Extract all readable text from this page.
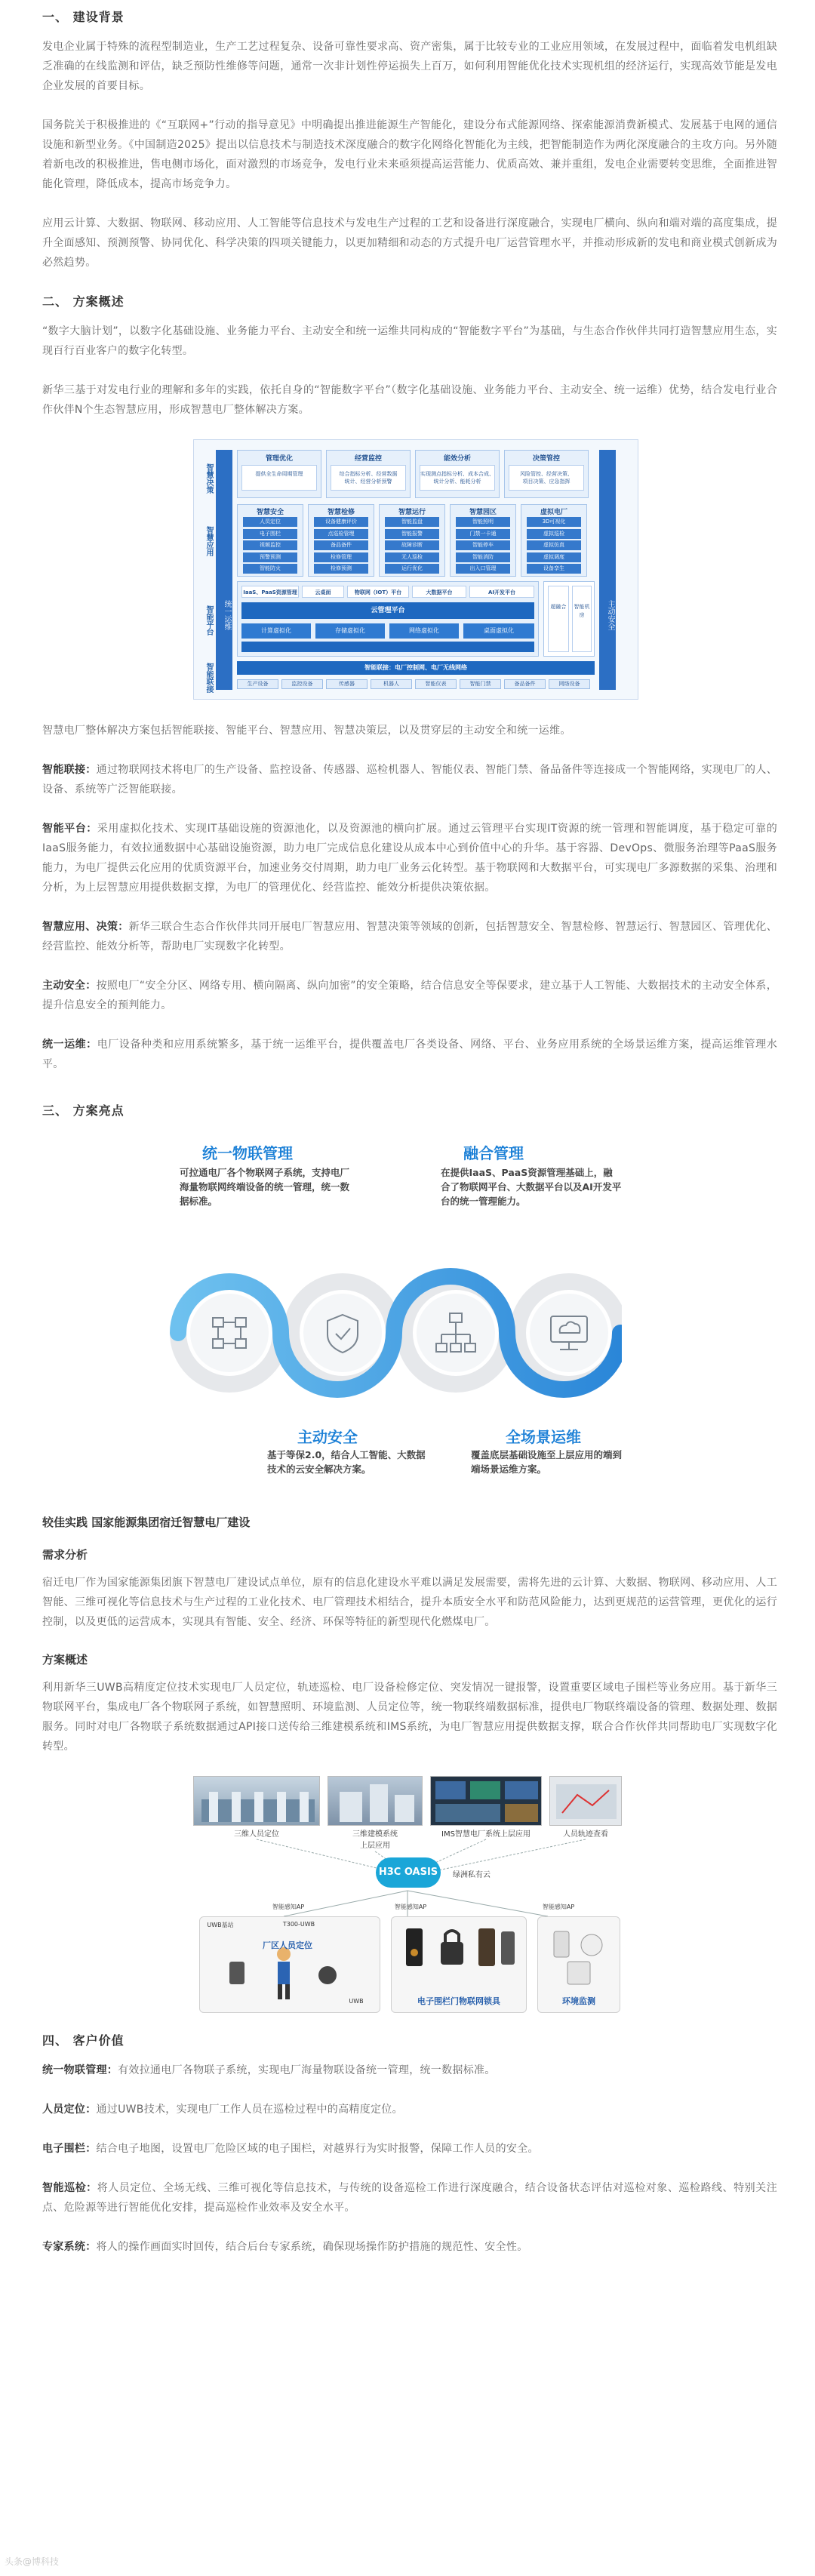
一、 建设背景

发电企业属于特殊的流程型制造业，生产工艺过程复杂、设备可靠性要求高、资产密集，属于比较专业的工业应用领域，在发展过程中，面临着发电机组缺乏准确的在线监测和评估，缺乏预防性维修等问题，通常一次非计划性停运损失上百万，如何利用智能优化技术实现机组的经济运行，实现高效节能是发电企业发展的首要目标。

国务院关于积极推进的《“互联网+”行动的指导意见》中明确提出推进能源生产智能化，建设分布式能源网络、探索能源消费新模式、发展基于电网的通信设施和新型业务。《中国制造2025》提出以信息技术与制造技术深度融合的数字化网络化智能化为主线，把智能制造作为两化深度融合的主攻方向。另外随着新电改的积极推进，售电侧市场化，面对激烈的市场竞争，发电行业未来亟须提高运营能力、优质高效、兼并重组，发电企业需要转变思维，全面推进智能化管理，降低成本，提高市场竞争力。

应用云计算、大数据、物联网、移动应用、人工智能等信息技术与发电生产过程的工艺和设备进行深度融合，实现电厂横向、纵向和端对端的高度集成，提升全面感知、预测预警、协同优化、科学决策的四项关键能力，以更加精细和动态的方式提升电厂运营管理水平，并推动形成新的发电和商业模式创新成为必然趋势。

二、 方案概述

“数字大脑计划”，以数字化基础设施、业务能力平台、主动安全和统一运维共同构成的“智能数字平台”为基础，与生态合作伙伴共同打造智慧应用生态，实现百行百业客户的数字化转型。

新华三基于对发电行业的理解和多年的实践，依托自身的“智能数字平台”（数字化基础设施、业务能力平台、主动安全、统一运维）优势，结合发电行业合作伙伴N个生态智慧应用，形成智慧电厂整体解决方案。

统一运维	主动安全
智慧决策
智慧应用
智能平台
智能联接
IaaS、PaaS资源管理	云桌面	物联网（IOT）平台	大数据平台	AI开发平台
云管理平台
计算虚拟化	存储虚拟化	网络虚拟化	桌面虚拟化
超融合	智能机房
智能联接：电厂控制网、电厂无线网络
管理优化
提供全生命周期管理
经营监控
综合指标分析、经营数据
统计、经营分析预警
能效分析
实现测点指标分析、成本合成、
统计分析、能耗分析
决策管控
风险管控、经营决策、
项目决策、应急指挥
智慧安全
人员定位
电子围栏
视频监控
预警预测
智能防火
智慧检修
设备健康评价
点巡检管理
备品备件
检修管理
检修预测
智慧运行
智能监盘
智能报警
故障诊断
无人巡检
运行优化
智慧园区
智能照明
门禁一卡通
智能停车
智能消防
出入口管理
虚拟电厂
3D可视化
虚拟巡检
虚拟仿真
虚拟调度
设备孪生
生产设备	监控设备	传感器	机器人	智能仪表	智能门禁	备品备件	网络设备

智慧电厂整体解决方案包括智能联接、智能平台、智慧应用、智慧决策层，以及贯穿层的主动安全和统一运维。

智能联接：通过物联网技术将电厂的生产设备、监控设备、传感器、巡检机器人、智能仪表、智能门禁、备品备件等连接成一个智能网络，实现电厂的人、设备、系统等广泛智能联接。

智能平台：采用虚拟化技术、实现IT基础设施的资源池化，以及资源池的横向扩展。通过云管理平台实现IT资源的统一管理和智能调度，基于稳定可靠的IaaS服务能力，有效拉通数据中心基础设施资源，助力电厂完成信息化建设从成本中心到价值中心的升华。基于容器、DevOps、微服务治理等PaaS服务能力，为电厂提供云化应用的优质资源平台，加速业务交付周期，助力电厂业务云化转型。基于物联网和大数据平台，可实现电厂多源数据的采集、治理和分析，为上层智慧应用提供数据支撑，为电厂的管理优化、经营监控、能效分析提供决策依据。

智慧应用、决策：新华三联合生态合作伙伴共同开展电厂智慧应用、智慧决策等领域的创新，包括智慧安全、智慧检修、智慧运行、智慧园区、管理优化、经营监控、能效分析等，帮助电厂实现数字化转型。

主动安全：按照电厂“安全分区、网络专用、横向隔离、纵向加密”的安全策略，结合信息安全等保要求，建立基于人工智能、大数据技术的主动安全体系，提升信息安全的预判能力。

统一运维：电厂设备种类和应用系统繁多，基于统一运维平台，提供覆盖电厂各类设备、网络、平台、业务应用系统的全场景运维方案，提高运维管理水平。

三、 方案亮点
统一物联管理
可拉通电厂各个物联网子系统，支持电厂海量物联网终端设备的统一管理，统一数据标准。
融合管理
在提供IaaS、PaaS资源管理基础上，融合了物联网平台、大数据平台以及AI开发平台的统一管理能力。
主动安全
基于等保2.0，结合人工智能、大数据技术的云安全解决方案。
全场景运维
覆盖底层基础设施至上层应用的端到端场景运维方案。
较佳实践 国家能源集团宿迁智慧电厂建设
需求分析

宿迁电厂作为国家能源集团旗下智慧电厂建设试点单位，原有的信息化建设水平难以满足发展需要，需将先进的云计算、大数据、物联网、移动应用、人工智能、三维可视化等信息技术与生产过程的工业化技术、电厂管理技术相结合，提升本质安全水平和防范风险能力，达到更规范的运营管理，更优化的运行控制，以及更低的运营成本，实现具有智能、安全、经济、环保等特征的新型现代化燃煤电厂。

方案概述

利用新华三UWB高精度定位技术实现电厂人员定位，轨迹巡检、电厂设备检修定位、突发情况一键报警，设置重要区域电子围栏等业务应用。基于新华三物联网平台，集成电厂各个物联网子系统，如智慧照明、环境监测、人员定位等，统一物联终端数据标准，提供电厂物联终端设备的管理、数据处理、数据服务。同时对电厂各物联子系统数据通过API接口送传给三维建模系统和IMS系统，为电厂智慧应用提供数据支撑，联合合作伙伴共同帮助电厂实现数字化转型。

三维人员定位	三维建模系统
上层应用
IMS智慧电厂系统上层应用	人员轨迹查看
H3C OASIS	绿洲私有云
智能感知AP	智能感知AP	智能感知AP
UWB基站	T300-UWB
UWB
厂区人员定位
电子围栏门物联网锁具	环境监测
四、 客户价值

统一物联管理：有效拉通电厂各物联子系统，实现电厂海量物联设备统一管理，统一数据标准。

人员定位：通过UWB技术，实现电厂工作人员在巡检过程中的高精度定位。

电子围栏：结合电子地图，设置电厂危险区域的电子围栏，对越界行为实时报警，保障工作人员的安全。

智能巡检：将人员定位、全场无线、三维可视化等信息技术，与传统的设备巡检工作进行深度融合，结合设备状态评估对巡检对象、巡检路线、特别关注点、危险源等进行智能优化安排，提高巡检作业效率及安全水平。

专家系统：将人的操作画面实时回传，结合后台专家系统，确保现场操作防护措施的规范性、安全性。

头条@博科技
